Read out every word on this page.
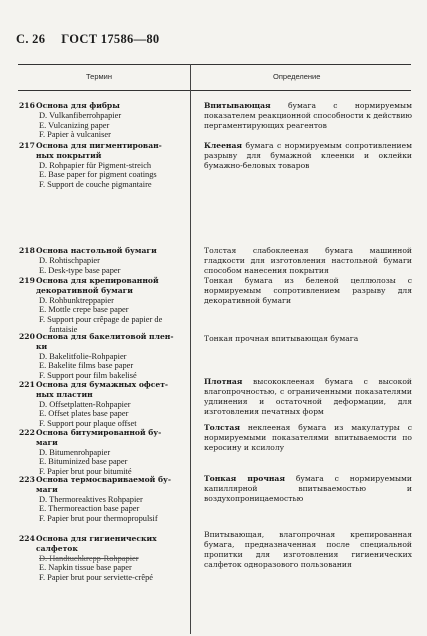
С. 26 ГОСТ 17586—80
Термин	Определение
216 Основа для фибры
D. Vulkanfiberrohpapier
E. Vulcanizing paper
F. Papier à vulcaniser
Впитывающая бумага с нормируемым показателем реакционной способности к действию пергаментирующих реагентов
217 Основа для пигментирован-
ных покрытий
D. Rohpapier für Pigment-strеich
E. Base paper for pigment coatings
F. Support de couche pigmantaire
Клееная бумага с нормируемым сопротивлением разрыву для бумажной клеенки и оклейки бумажно-беловых товаров
218 Основа настольной бумаги
D. Rohtischpapier
E. Desk-type base paper
Толстая слабоклееная бумага машинной гладкости для изготовления настольной бумаги способом нанесения покрытия
219 Основа для крепированной
декоративной бумаги
D. Rohbunktreppapier
E. Mottle crepe base paper
F. Support pour crêpage de papier de fantaisie
Тонкая бумага из беленой целлюлозы с нормируемым сопротивлением разрыву для декоративной бумаги
220 Основа для бакелитовой плен-
ки
D. Bakelitfolie-Rohpapier
E. Bakelite films base paper
F. Support pour film bakelisé
Тонкая прочная впитывающая бумага
221 Основа для бумажных офсет-
ных пластин
D. Offsetplatten-Rohpapier
E. Offset plates base paper
F. Support pour plaque offset
Плотная высококлееная бумага с высокой влагопрочностью, с ограниченными показателями удлинения и остаточной деформации, для изготовления печатных форм
222 Основа битумированной бу-
маги
D. Bitumenrohpapier
E. Bituminized base paper
F. Papier brut pour bitumité
Толстая неклееная бумага из макулатуры с нормируемыми показателями впитываемости по керосину и ксилолу
223 Основа термосвариваемой бу-
маги
D. Thermoreaktives Rohpapier
E. Thermoreaction base paper
F. Papier brut pour thermopropulsif
Тонкая прочная бумага с нормируемыми капиллярной впитываемостью и воздухопроницаемостью
224 Основа для гигиенических
салфеток
D. Handtuchkrepp-Rohpapier
E. Napkin tissue base paper
F. Papier brut pour serviette-crêpé
Впитывающая, влагопрочная крепированная бумага, предназначенная после специальной пропитки для изготовления гигиенических салфеток одноразового пользования
